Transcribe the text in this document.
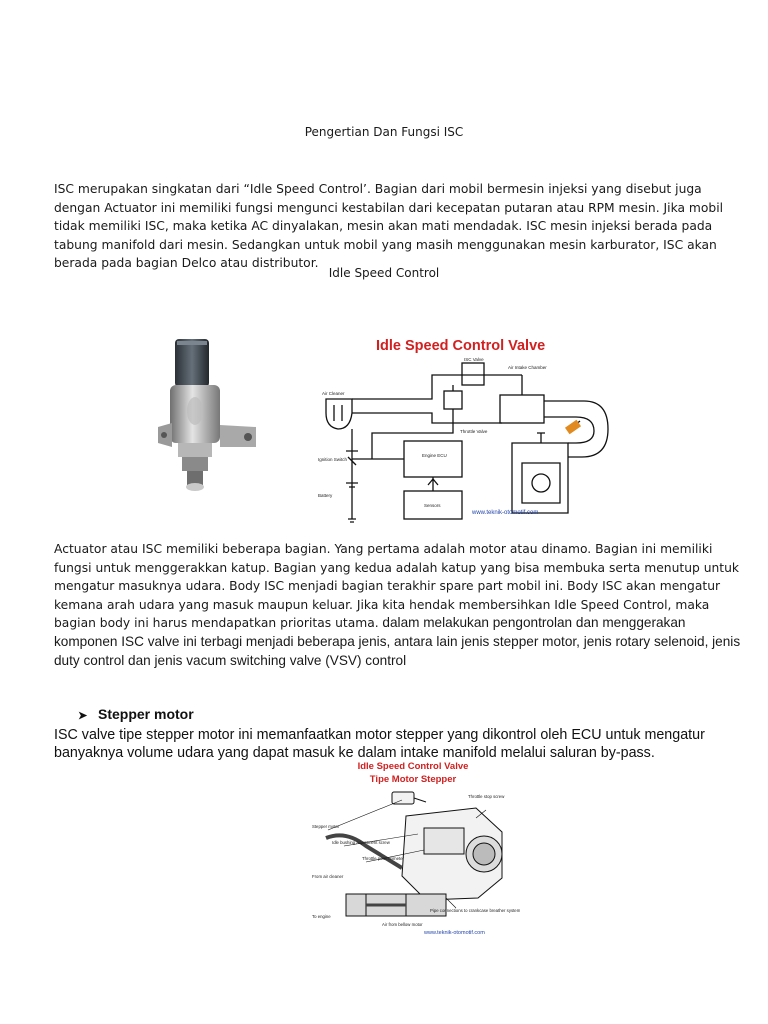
Pengertian Dan Fungsi ISC
ISC merupakan singkatan dari “Idle Speed Control’. Bagian dari mobil bermesin injeksi yang disebut juga dengan Actuator ini memiliki fungsi mengunci kestabilan dari kecepatan putaran atau RPM mesin. Jika mobil tidak memiliki ISC, maka ketika AC dinyalakan, mesin akan mati mendadak. ISC mesin injeksi berada pada tabung manifold dari mesin. Sedangkan untuk mobil yang masih menggunakan mesin karburator, ISC akan berada pada bagian Delco atau distributor.
Idle Speed Control
Idle Speed Control Valve
ISC Valve
Air Intake Chamber
Air Cleaner
Throttle Valve
Engine ECU
Ignition Switch
Battery
Sensors
www.teknik-otomotif.com
Actuator atau ISC memiliki beberapa bagian. Yang pertama adalah motor atau dinamo. Bagian ini memiliki fungsi untuk menggerakkan katup. Bagian yang kedua adalah katup yang bisa membuka serta menutup untuk mengatur masuknya udara. Body ISC menjadi bagian terakhir spare part mobil ini. Body ISC akan mengatur kemana arah udara yang masuk maupun keluar. Jika kita hendak membersihkan Idle Speed Control, maka bagian body ini harus mendapatkan prioritas utama. dalam melakukan pengontrolan dan menggerakan komponen ISC valve ini terbagi menjadi beberapa jenis, antara lain jenis stepper motor, jenis rotary selenoid, jenis duty control dan jenis vacum switching valve (VSV) control
➤ Stepper motor
ISC valve tipe stepper motor ini memanfaatkan motor stepper yang dikontrol oleh ECU untuk mengatur banyaknya volume udara yang dapat masuk ke dalam intake manifold melalui saluran by-pass.
Idle Speed Control Valve
Tipe Motor Stepper
Stepper motor
Throttle stop screw
Idle bushing adjustment screw
Throttle potentiometer
From air cleaner
To engine
Air from bellow motor
Pipe connections to crankcase breather system
www.teknik-otomotif.com
